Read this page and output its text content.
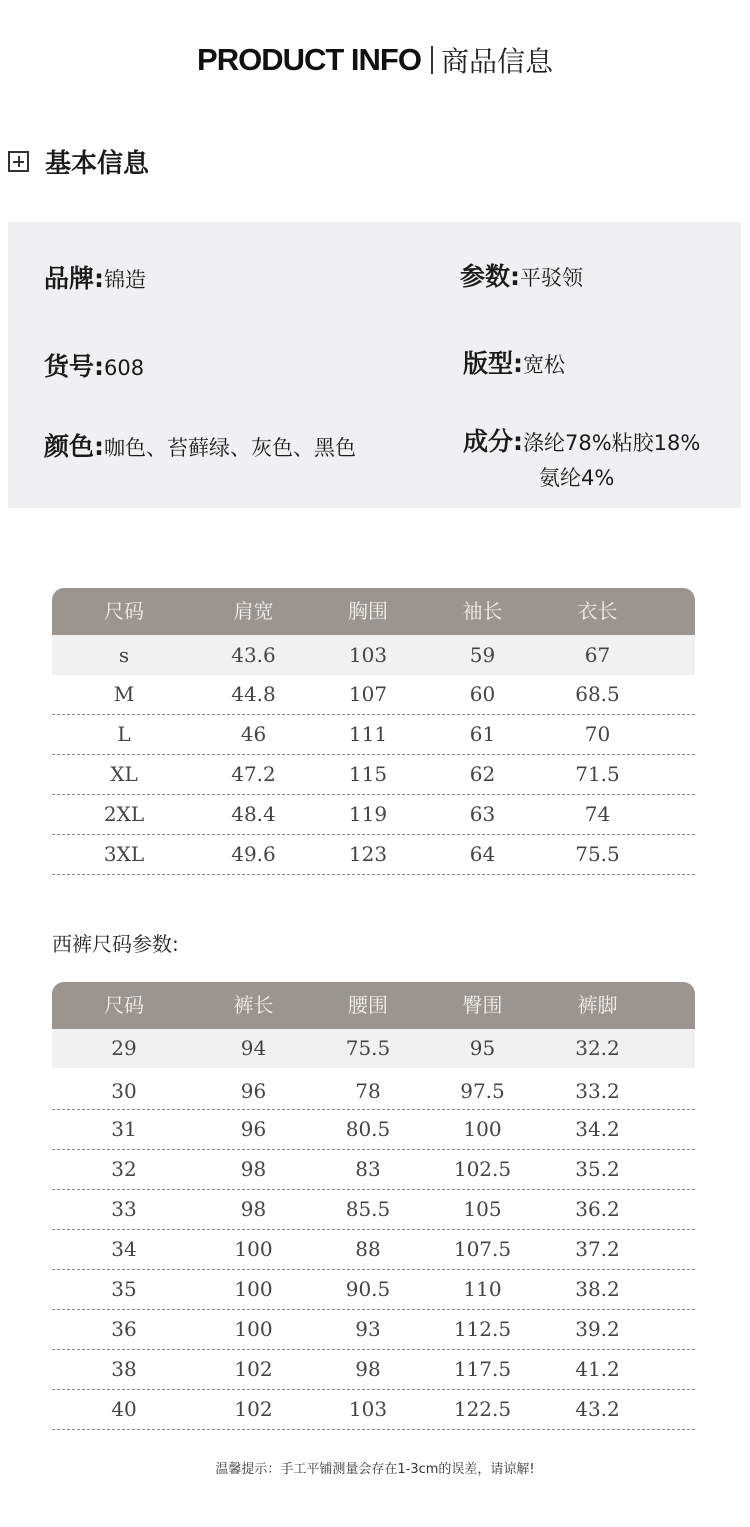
PRODUCT INFO 商品信息
基本信息
品牌:锦造	参数:平驳领
货号:608	版型:宽松
颜色:咖色、苔藓绿、灰色、黑色	成分:涤纶78%粘胶18%
氨纶4%
尺码	肩宽	胸围	袖长	衣长
s	43.6	103	59	67
M	44.8	107	60	68.5
L	46	111	61	70
XL	47.2	115	62	71.5
2XL	48.4	119	63	74
3XL	49.6	123	64	75.5
西裤尺码参数:
尺码	裤长	腰围	臀围	裤脚
29	94	75.5	95	32.2
30	96	78	97.5	33.2
31	96	80.5	100	34.2
32	98	83	102.5	35.2
33	98	85.5	105	36.2
34	100	88	107.5	37.2
35	100	90.5	110	38.2
36	100	93	112.5	39.2
38	102	98	117.5	41.2
40	102	103	122.5	43.2
温馨提示：手工平铺测量会存在1-3cm的误差，请谅解!
